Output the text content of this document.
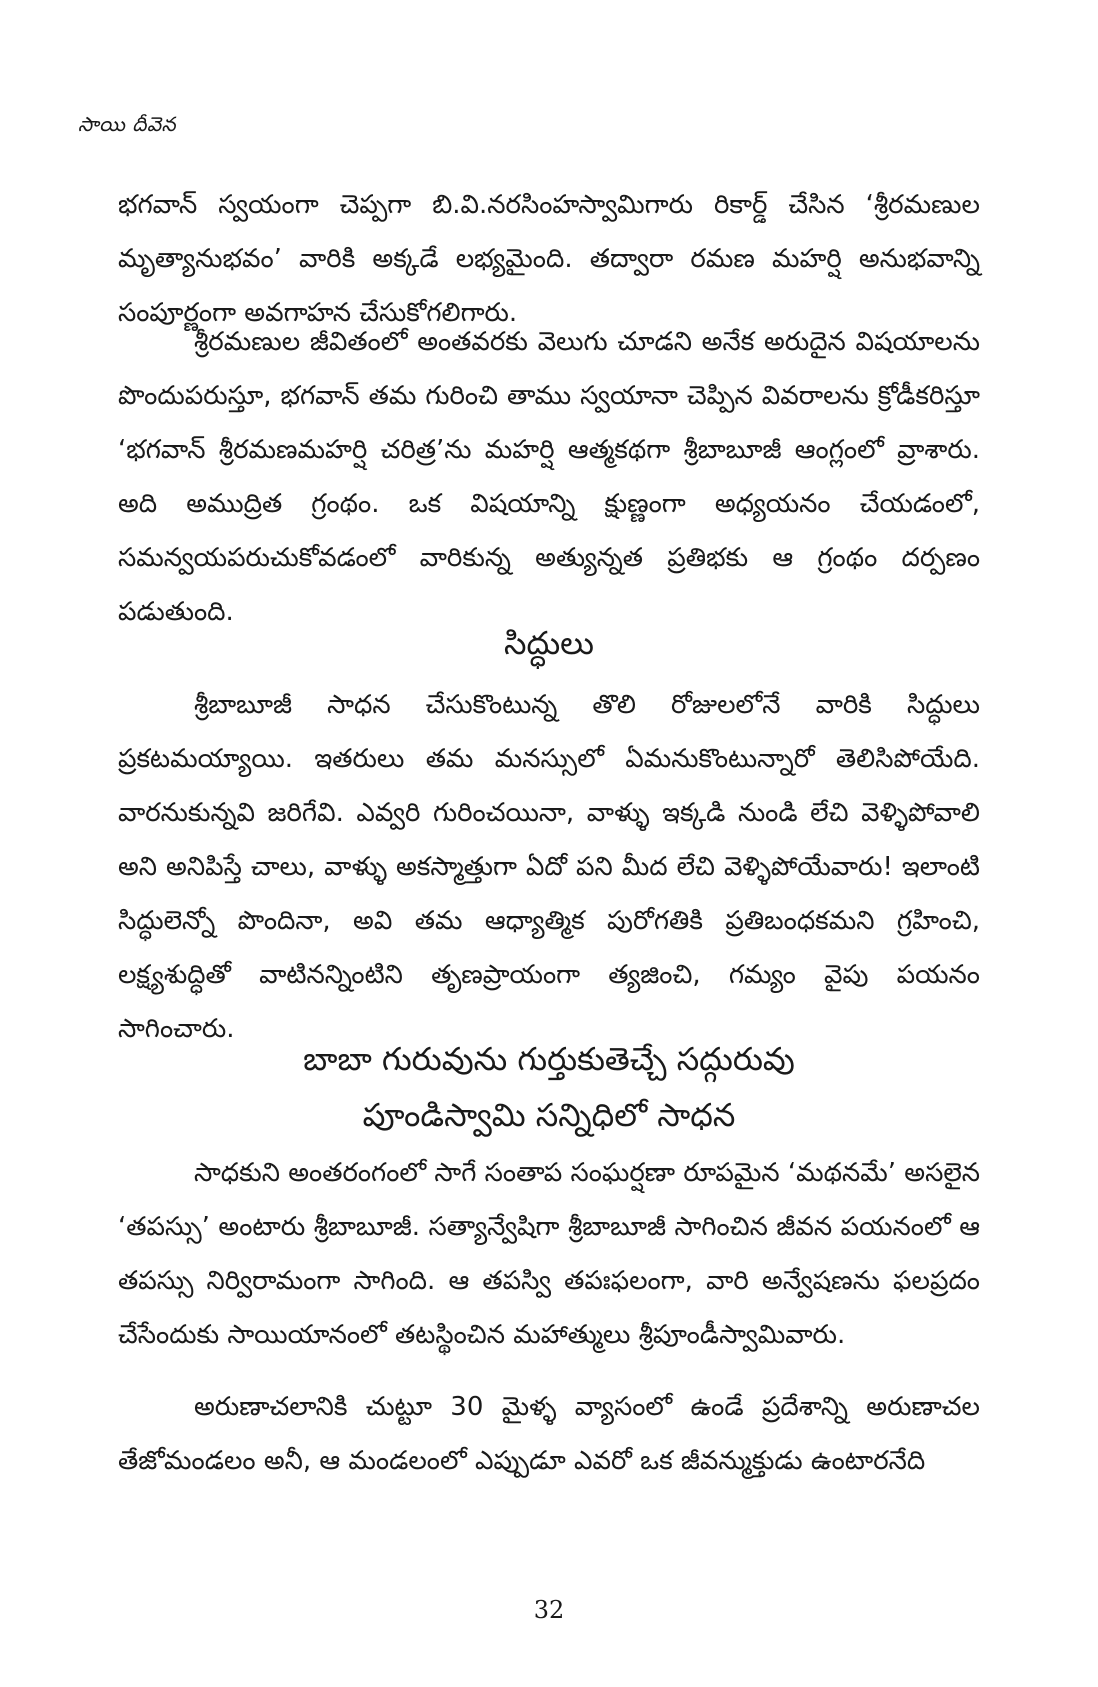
సాయి దీవెన

భగవాన్ స్వయంగా చెప్పగా బి.వి.నరసింహస్వామిగారు రికార్డ్ చేసిన ‘శ్రీరమణుల మృత్యానుభవం’ వారికి అక్కడే లభ్యమైంది. తద్వారా రమణ మహర్షి అనుభవాన్ని సంపూర్ణంగా అవగాహన చేసుకోగలిగారు.

శ్రీరమణుల జీవితంలో అంతవరకు వెలుగు చూడని అనేక అరుదైన విషయాలను పొందుపరుస్తూ, భగవాన్ తమ గురించి తాము స్వయానా చెప్పిన వివరాలను క్రోడీకరిస్తూ ‘భగవాన్ శ్రీరమణమహర్షి చరిత్ర’ను మహర్షి ఆత్మకథగా శ్రీబాబూజీ ఆంగ్లంలో వ్రాశారు. అది అముద్రిత గ్రంథం. ఒక విషయాన్ని క్షుణ్ణంగా అధ్యయనం చేయడంలో, సమన్వయపరుచుకోవడంలో వారికున్న అత్యున్నత ప్రతిభకు ఆ గ్రంథం దర్పణం పడుతుంది.

సిద్ధులు

శ్రీబాబూజీ సాధన చేసుకొంటున్న తొలి రోజులలోనే వారికి సిద్ధులు ప్రకటమయ్యాయి. ఇతరులు తమ మనస్సులో ఏమనుకొంటున్నారో తెలిసిపోయేది. వారనుకున్నవి జరిగేవి. ఎవ్వరి గురించయినా, వాళ్ళు ఇక్కడి నుండి లేచి వెళ్ళిపోవాలి అని అనిపిస్తే చాలు, వాళ్ళు అకస్మాత్తుగా ఏదో పని మీద లేచి వెళ్ళిపోయేవారు! ఇలాంటి సిద్ధులెన్నో పొందినా, అవి తమ ఆధ్యాత్మిక పురోగతికి ప్రతిబంధకమని గ్రహించి, లక్ష్యశుద్ధితో వాటినన్నింటిని తృణప్రాయంగా త్యజించి, గమ్యం వైపు పయనం సాగించారు.

బాబా గురువును గుర్తుకుతెచ్చే సద్గురువు
పూండిస్వామి సన్నిధిలో సాధన

సాధకుని అంతరంగంలో సాగే సంతాప సంఘర్షణా రూపమైన ‘మథనమే’ అసలైన ‘తపస్సు’ అంటారు శ్రీబాబూజీ. సత్యాన్వేషిగా శ్రీబాబూజీ సాగించిన జీవన పయనంలో ఆ తపస్సు నిర్విరామంగా సాగింది. ఆ తపస్వి తపఃఫలంగా, వారి అన్వేషణను ఫలప్రదం చేసేందుకు సాయియానంలో తటస్థించిన మహాత్ములు శ్రీపూండీస్వామివారు.

అరుణాచలానికి చుట్టూ 30 మైళ్ళ వ్యాసంలో ఉండే ప్రదేశాన్ని అరుణాచల తేజోమండలం అనీ, ఆ మండలంలో ఎప్పుడూ ఎవరో ఒక జీవన్ముక్తుడు ఉంటారనేది

32
